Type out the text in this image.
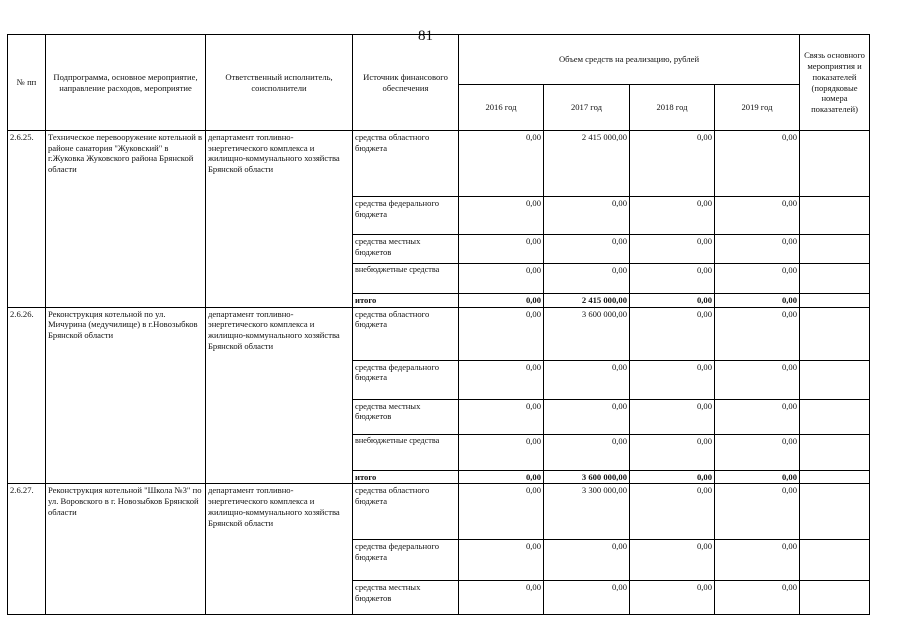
81
№ пп	Подпрограмма, основное мероприятие, направление расходов, мероприятие	Ответственный исполнитель, соисполнители	Источник финансового обеспечения	Объем средств на реализацию, рублей				Связь основного мероприятия и показателей (порядковые номера показателей)
				2016 год	2017 год	2018 год	2019 год	
2.6.25.	Техническое перевооружение котельной в районе санатория "Жуковский" в г.Жуковка Жуковского района Брянской области	департамент топливно-энергетического комплекса и жилищно-коммунального хозяйства Брянской области	средства областного бюджета	0,00	2 415 000,00	0,00	0,00	
			средства федерального бюджета	0,00	0,00	0,00	0,00	
			средства местных бюджетов	0,00	0,00	0,00	0,00	
			внебюджетные средства	0,00	0,00	0,00	0,00	
			итого	0,00	2 415 000,00	0,00	0,00	
2.6.26.	Реконструкция котельной по ул. Мичурина (медучилище) в г.Новозыбков Брянской области	департамент топливно-энергетического комплекса и жилищно-коммунального хозяйства Брянской области	средства областного бюджета	0,00	3 600 000,00	0,00	0,00	
			средства федерального бюджета	0,00	0,00	0,00	0,00	
			средства местных бюджетов	0,00	0,00	0,00	0,00	
			внебюджетные средства	0,00	0,00	0,00	0,00	
			итого	0,00	3 600 000,00	0,00	0,00	
2.6.27.	Реконструкция котельной "Школа №3" по ул. Воровского в г. Новозыбков Брянской области	департамент топливно-энергетического комплекса и жилищно-коммунального хозяйства Брянской области	средства областного бюджета	0,00	3 300 000,00	0,00	0,00	
			средства федерального бюджета	0,00	0,00	0,00	0,00	
			средства местных бюджетов	0,00	0,00	0,00	0,00	
